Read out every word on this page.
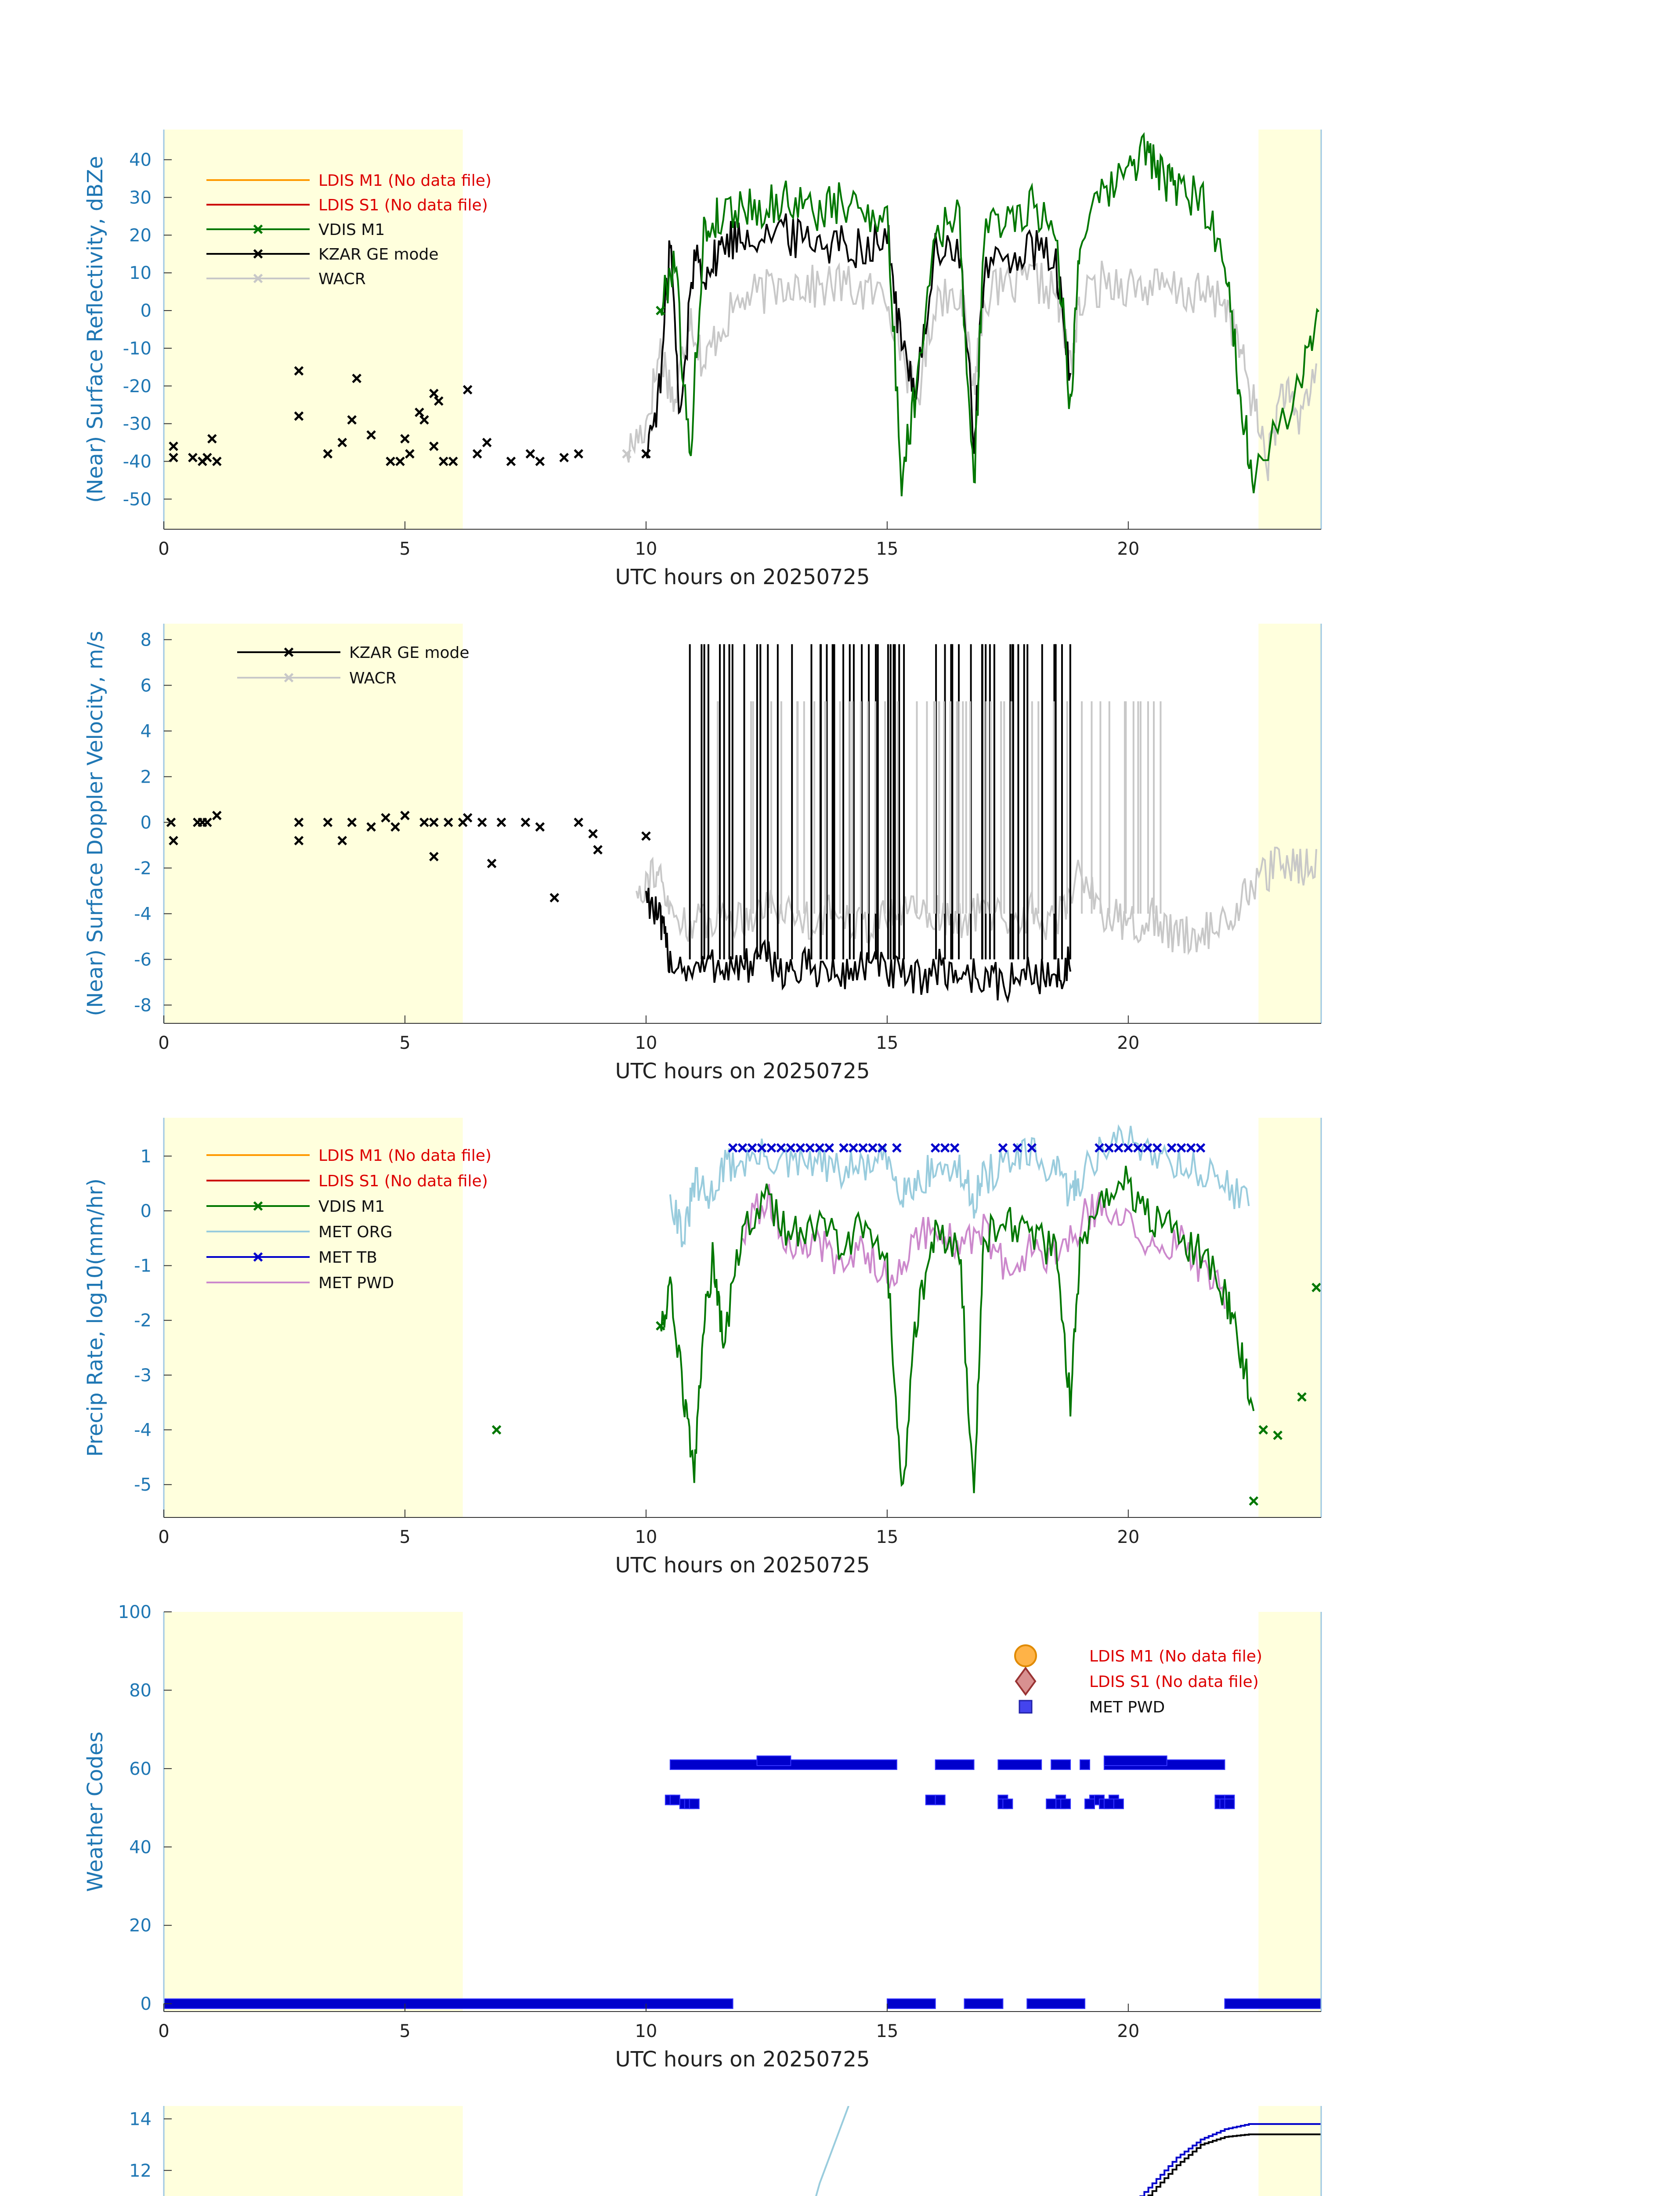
40
30
20
10
0
-10
-20
-30
-40
-50
0	5	10	15	20
UTC hours on 20250725
(Near) Surface Reflectivity, dBZe	LDIS M1 (No data file)
LDIS S1 (No data file)
VDIS M1
KZAR GE mode
WACR
8
6
4
2
0
-2
-4
-6
-8
0	5	10	15	20
UTC hours on 20250725
(Near) Surface Doppler Velocity, m/s	KZAR GE mode
WACR
1
0
-1
-2
-3
-4
-5
0	5	10	15	20
UTC hours on 20250725
Precip Rate, log10(mm/hr)
LDIS M1 (No data file)
LDIS S1 (No data file)
VDIS M1
MET ORG
MET TB
MET PWD
100
80
60
40
20
0
0	5	10	15	20
UTC hours on 20250725
Weather Codes
LDIS M1 (No data file)
LDIS S1 (No data file)
MET PWD
14
12
